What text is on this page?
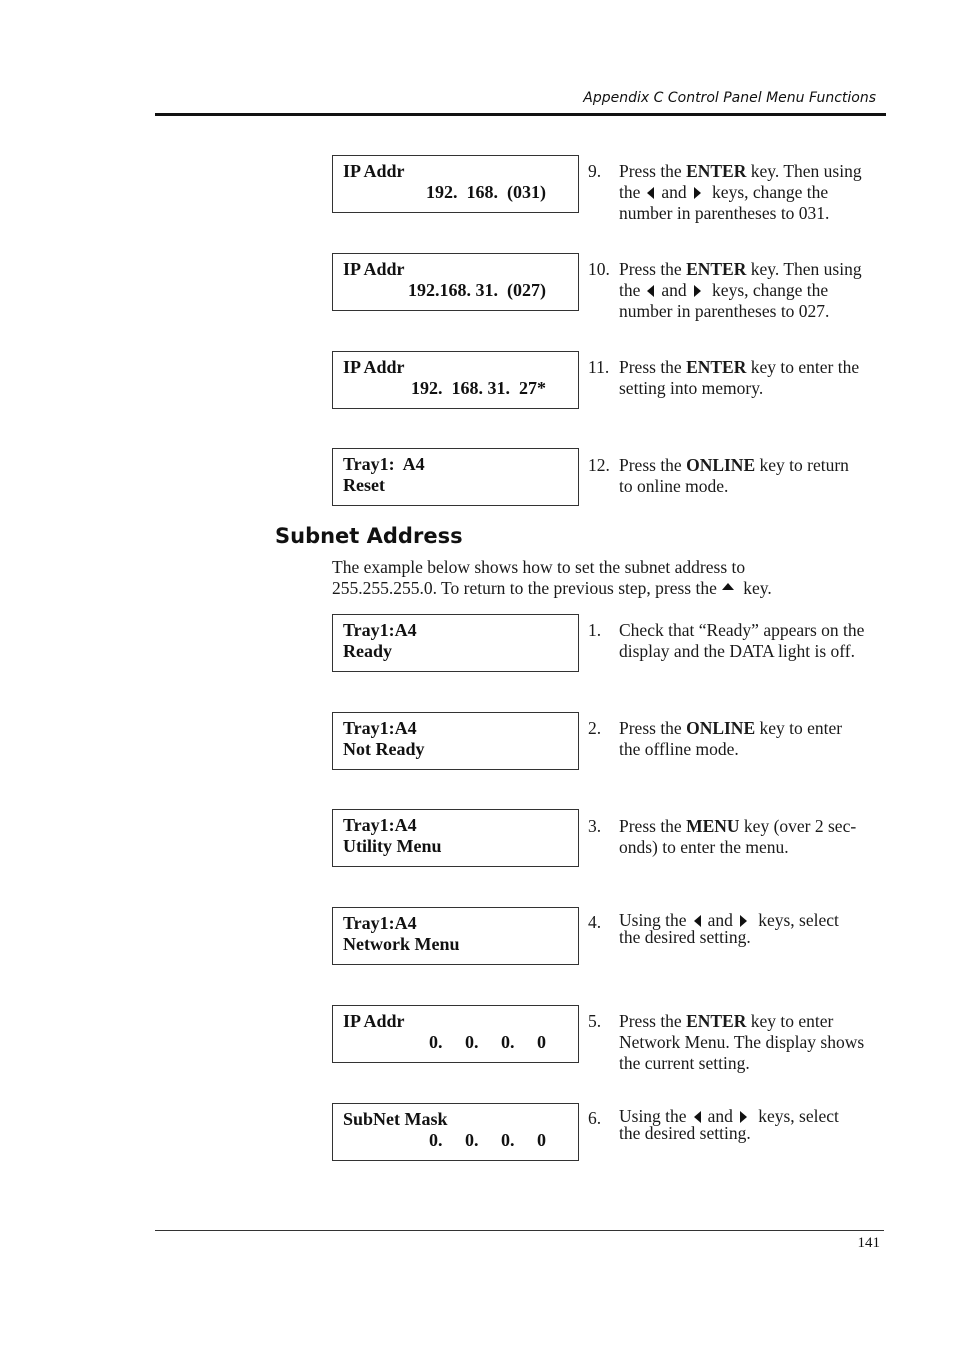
Appendix C Control Panel Menu Functions
IP Addr
192.  168.  (031)
9. Press the ENTER key. Then using
the and keys, change the
number in parentheses to 031.
IP Addr
192.168. 31.  (027)
10. Press the ENTER key. Then using
the and keys, change the
number in parentheses to 027.
IP Addr
192.  168. 31.  27*
11. Press the ENTER key to enter the
setting into memory.
Tray1:  A4
Reset
12. Press the ONLINE key to return
to online mode.
Subnet Address
The example below shows how to set the subnet address to
255.255.255.0. To return to the previous step, press the key.
Tray1:A4
Ready
1. Check that “Ready” appears on the
display and the DATA light is off.
Tray1:A4
Not Ready
2. Press the ONLINE key to enter
the offline mode.
Tray1:A4
Utility Menu
3. Press the MENU key (over 2 sec-
onds) to enter the menu.
Tray1:A4
Network Menu
4. Using the and keys, select
the desired setting.
IP Addr
0.     0.     0.     0
5. Press the ENTER key to enter
Network Menu. The display shows
the current setting.
SubNet Mask
0.     0.     0.     0
6. Using the and keys, select
the desired setting.
141
